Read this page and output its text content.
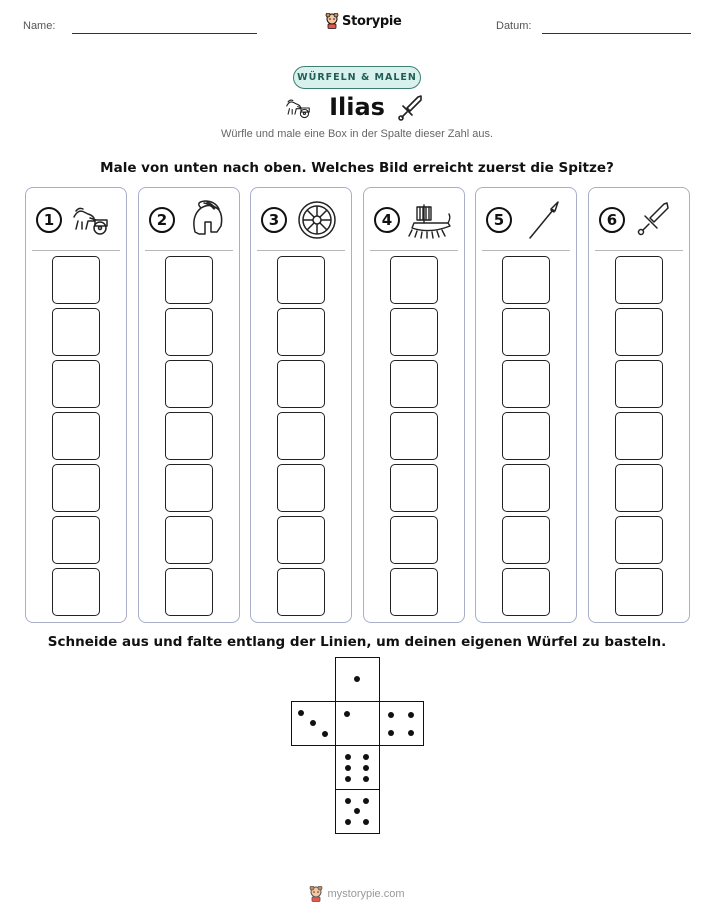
Name:	Storypie	Datum:
WÜRFELN & MALEN
Ilias
Würfle und male eine Box in der Spalte dieser Zahl aus.
Male von unten nach oben. Welches Bild erreicht zuerst die Spitze?
1	2	3	4	5	6
Schneide aus und falte entlang der Linien, um deinen eigenen Würfel zu basteln.
mystorypie.com
